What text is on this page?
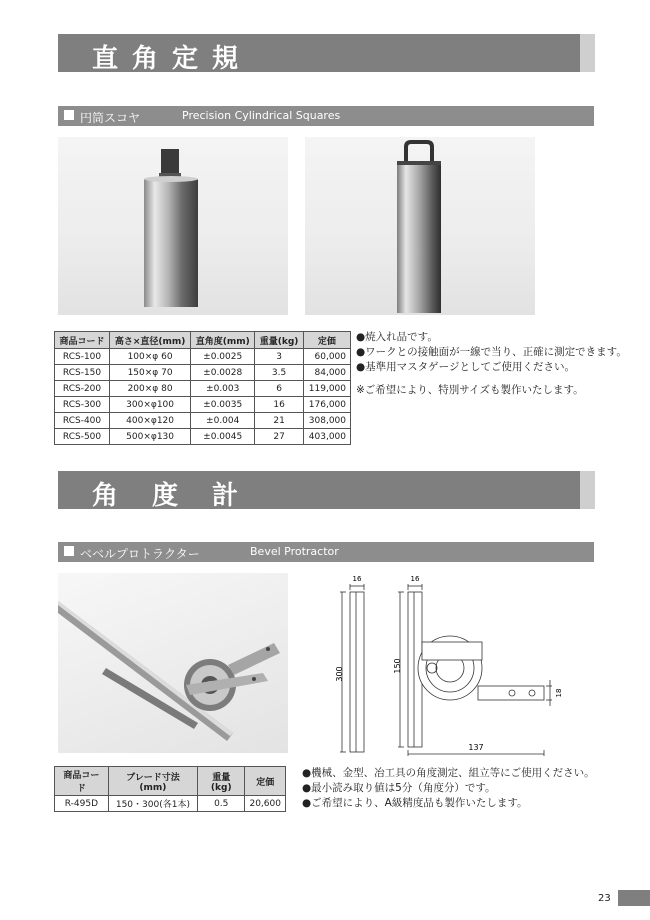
直角定規
円筒スコヤ	Precision Cylindrical Squares
商品コード	高さ×直径(mm)	直角度(mm)	重量(kg)	定価
RCS-100	100×φ 60	±0.0025	3	60,000
RCS-150	150×φ 70	±0.0028	3.5	84,000
RCS-200	200×φ 80	±0.003	6	119,000
RCS-300	300×φ100	±0.0035	16	176,000
RCS-400	400×φ120	±0.004	21	308,000
RCS-500	500×φ130	±0.0045	27	403,000
●焼入れ品です。
●ワークとの接触面が一線で当り、正確に測定できます。
●基準用マスタゲージとしてご使用ください。
※ご希望により、特別サイズも製作いたします。
角度計
ベベルプロトラクター	Bevel Protractor
16	16
300
150
137
18
商品コード	ブレード寸法(mm)	重量(kg)	定価
R-495D	150・300(各1本)	0.5	20,600
●機械、金型、冶工具の角度測定、組立等にご使用ください。
●最小読み取り値は5分（角度分）です。
●ご希望により、A級精度品も製作いたします。
23
